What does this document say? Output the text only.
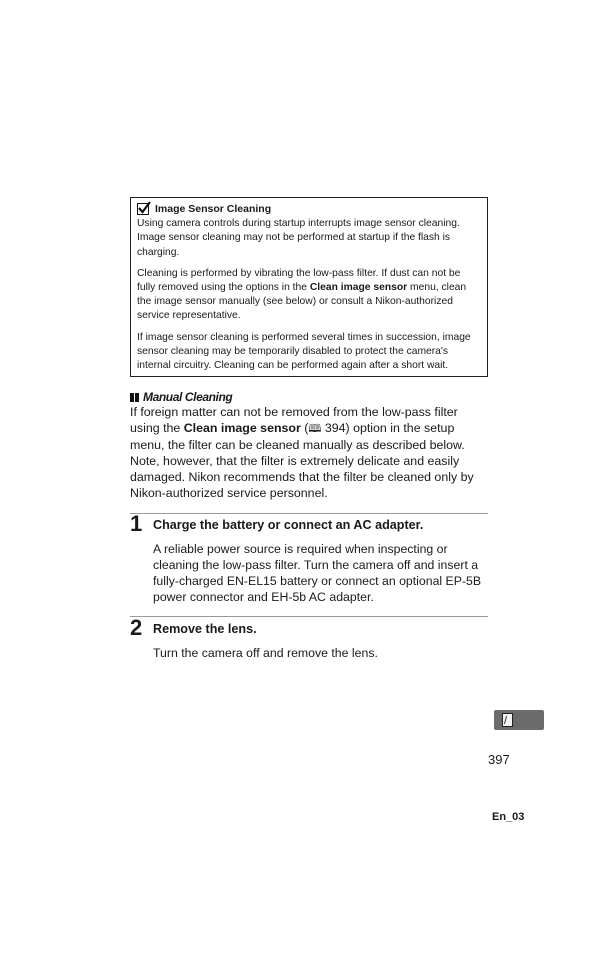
Image Sensor Cleaning

Using camera controls during startup interrupts image sensor cleaning. Image sensor cleaning may not be performed at startup if the flash is charging.

Cleaning is performed by vibrating the low-pass filter. If dust can not be fully removed using the options in the Clean image sensor menu, clean the image sensor manually (see below) or consult a Nikon-authorized service representative.

If image sensor cleaning is performed several times in succession, image sensor cleaning may be temporarily disabled to protect the camera's internal circuitry. Cleaning can be performed again after a short wait.

Manual Cleaning

If foreign matter can not be removed from the low-pass filter using the Clean image sensor (🕮 394) option in the setup menu, the filter can be cleaned manually as described below. Note, however, that the filter is extremely delicate and easily damaged. Nikon recommends that the filter be cleaned only by Nikon-authorized service personnel.

1 Charge the battery or connect an AC adapter.

A reliable power source is required when inspecting or cleaning the low-pass filter. Turn the camera off and insert a fully-charged EN-EL15 battery or connect an optional EP-5B power connector and EH-5b AC adapter.

2 Remove the lens.

Turn the camera off and remove the lens.

397
En_03
